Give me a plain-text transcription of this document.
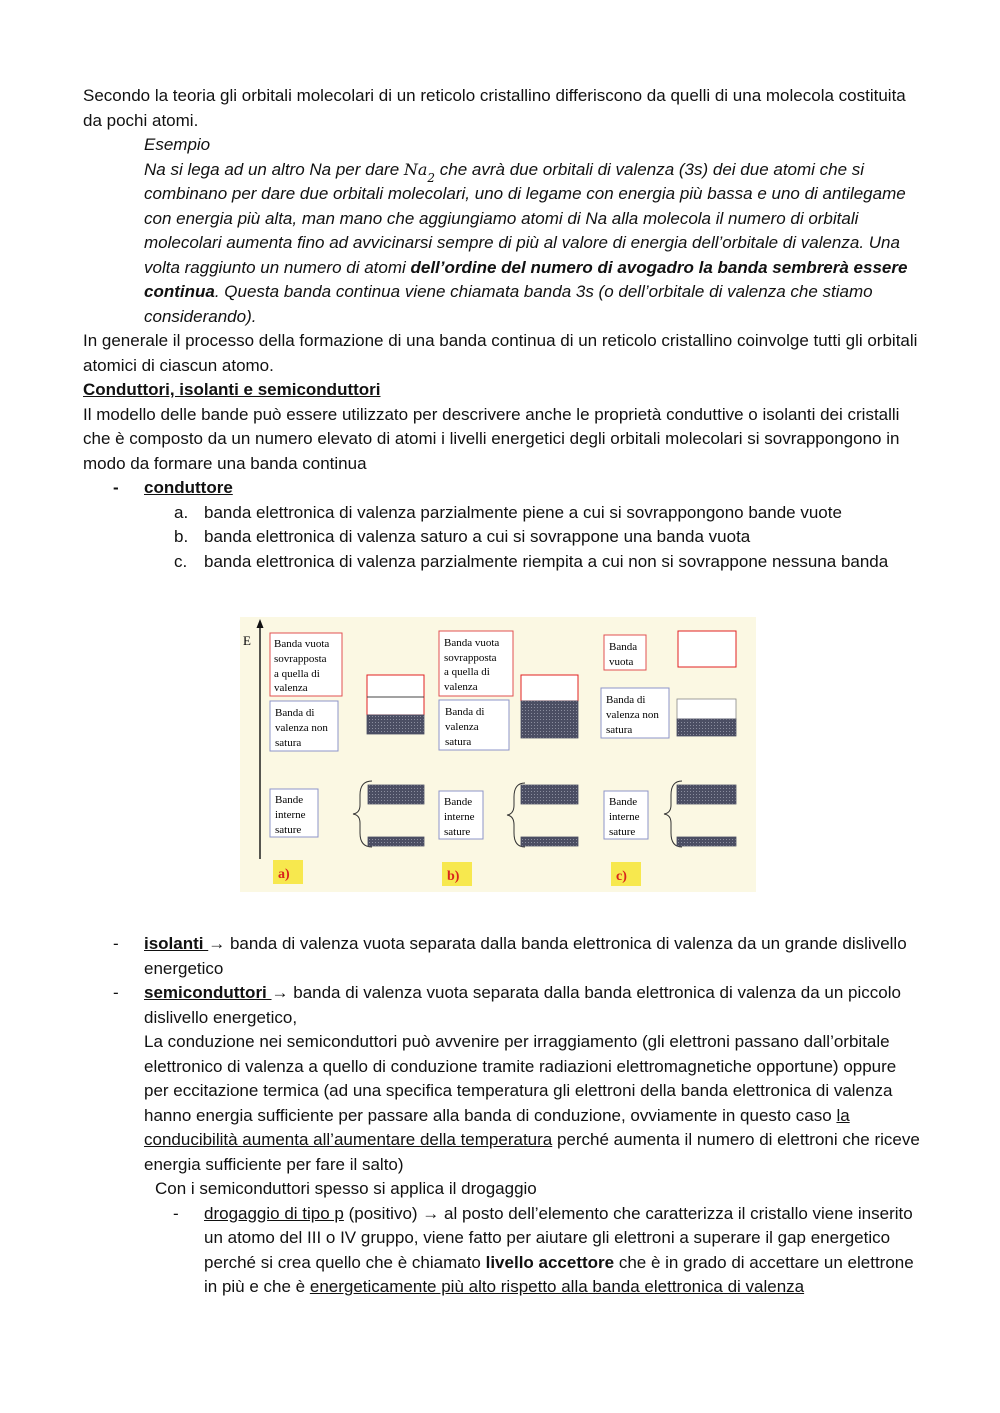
Secondo la teoria gli orbitali molecolari di un reticolo cristallino differiscono da quelli di una molecola costituita da pochi atomi.

Esempio

Na si lega ad un altro Na per dare $Na_2$ che avrà due orbitali di valenza (3s) dei due atomi che si combinano per dare due orbitali molecolari, uno di legame con energia più bassa e uno di antilegame con energia più alta, man mano che aggiungiamo atomi di Na alla molecola il numero di orbitali molecolari aumenta fino ad avvicinarsi sempre di più al valore di energia dell’orbitale di valenza. Una volta raggiunto un numero di atomi dell’ordine del numero di avogadro la banda sembrerà essere continua. Questa banda continua viene chiamata banda 3s (o dell’orbitale di valenza che stiamo considerando).

In generale il processo della formazione di una banda continua di un reticolo cristallino coinvolge tutti gli orbitali atomici di ciascun atomo.

Conduttori, isolanti e semiconduttori

Il modello delle bande può essere utilizzato per descrivere anche le proprietà conduttive o isolanti dei cristalli che è composto da un numero elevato di atomi i livelli energetici degli orbitali molecolari si sovrappongono in modo da formare una banda continua

- conduttore
a. banda elettronica di valenza parzialmente piene a cui si sovrappongono bande vuote
b. banda elettronica di valenza saturo a cui si sovrappone una banda vuota
c. banda elettronica di valenza parzialmente riempita a cui non si sovrappone nessuna banda
E Banda vuota sovrapposta a quella di valenza
Banda di valenza non satura
Bande interne sature
a)
Banda vuota sovrapposta a quella di valenza
Banda di valenza satura
Bande interne sature
b)
Banda vuota
Banda di valenza non satura
Bande interne sature
c)
- isolanti → banda di valenza vuota separata dalla banda elettronica di valenza da un grande dislivello energetico
- semiconduttori → banda di valenza vuota separata dalla banda elettronica di valenza da un piccolo dislivello energetico,

La conduzione nei semiconduttori può avvenire per irraggiamento (gli elettroni passano dall’orbitale elettronico di valenza a quello di conduzione tramite radiazioni elettromagnetiche opportune) oppure per eccitazione termica (ad una specifica temperatura gli elettroni della banda elettronica di valenza hanno energia sufficiente per passare alla banda di conduzione, ovviamente in questo caso la conducibilità aumenta all’aumentare della temperatura perché aumenta il numero di elettroni che riceve energia sufficiente per fare il salto)

Con i semiconduttori spesso si applica il drogaggio

- drogaggio di tipo p (positivo) → al posto dell’elemento che caratterizza il cristallo viene inserito un atomo del III o IV gruppo, viene fatto per aiutare gli elettroni a superare il gap energetico perché si crea quello che è chiamato livello accettore che è in grado di accettare un elettrone in più e che è energeticamente più alto rispetto alla banda elettronica di valenza
